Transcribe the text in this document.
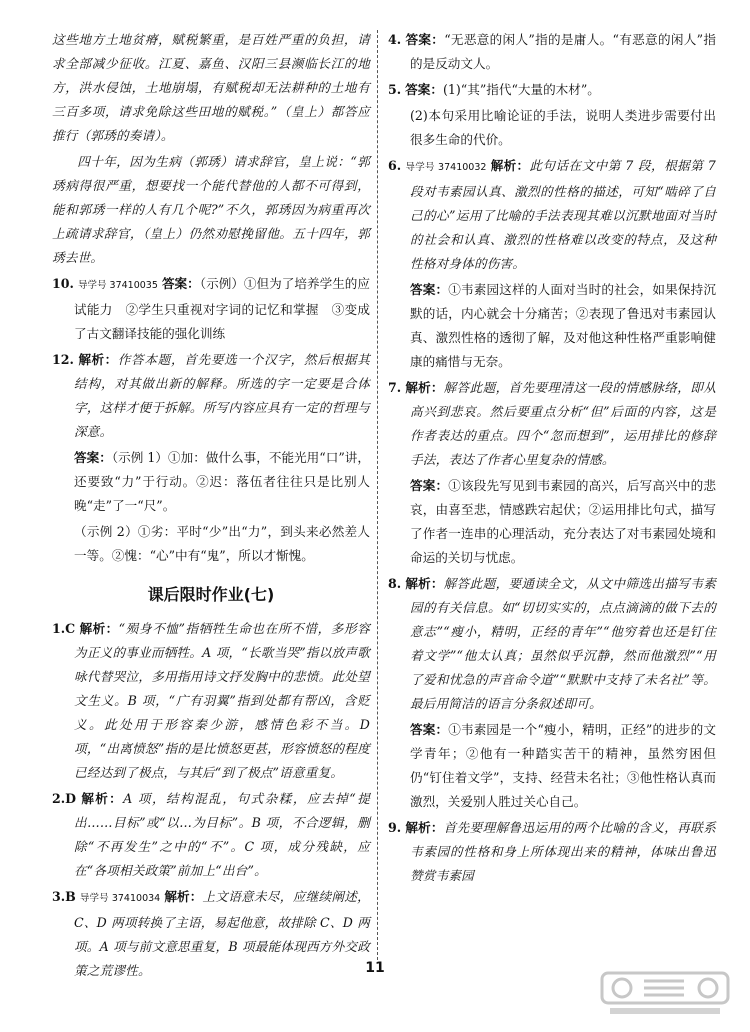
这些地方土地贫瘠，赋税繁重，是百姓严重的负担，请求全部减少征收。江夏、嘉鱼、汉阳三县濒临长江的地方，洪水侵蚀，土地崩塌，有赋税却无法耕种的土地有三百多项，请求免除这些田地的赋税。”（皇上）都答应推行（郭琇的奏请）。

四十年，因为生病（郭琇）请求辞官，皇上说：“郭琇病得很严重，想要找一个能代替他的人都不可得到，能和郭琇一样的人有几个呢?”不久，郭琇因为病重再次上疏请求辞官，（皇上）仍然劝慰挽留他。五十四年，郭琇去世。

10. 导学号 37410035 答案：（示例）①但为了培养学生的应试能力　②学生只重视对字词的记忆和掌握　③变成了古文翻译技能的强化训练
12. 解析：作答本题，首先要选一个汉字，然后根据其结构，对其做出新的解释。所选的字一定要是合体字，这样才便于拆解。所写内容应具有一定的哲理与深意。
答案：（示例 1）①加：做什么事，不能光用“口”讲，还要致“力”于行动。②迟：落伍者往往只是比别人晚“走”了一“尺”。
（示例 2）①劣：平时“少”出“力”，到头来必然差人一等。②愧：“心”中有“鬼”，所以才惭愧。
课后限时作业(七)
1.C 解析：“殒身不恤”指牺牲生命也在所不惜，多形容为正义的事业而牺牲。A 项，“长歌当哭”指以放声歌咏代替哭泣，多用指用诗文抒发胸中的悲愤。此处望文生义。B 项，“广有羽翼”指到处都有帮凶，含贬义。此处用于形容秦少游，感情色彩不当。D 项，“出离愤怒”指的是比愤怒更甚，形容愤怒的程度已经达到了极点，与其后“到了极点”语意重复。
2.D 解析：A 项，结构混乱，句式杂糅，应去掉“提出……目标”或“以…为目标”。B 项，不合逻辑，删除“不再发生”之中的“不”。C 项，成分残缺，应在“各项相关政策”前加上“出台”。
3.B 导学号 37410034 解析：上文语意未尽，应继续阐述，C、D 两项转换了主语，易起他意，故排除 C、D 两项。A 项与前文意思重复，B 项最能体现西方外交政策之荒谬性。
4. 答案：“无恶意的闲人”指的是庸人。“有恶意的闲人”指的是反动文人。
5. 答案：(1)“其”指代“大量的木材”。
(2)本句采用比喻论证的手法，说明人类进步需要付出很多生命的代价。
6. 导学号 37410032 解析：此句话在文中第 7 段，根据第 7 段对韦素园认真、激烈的性格的描述，可知“啮碎了自己的心”运用了比喻的手法表现其难以沉默地面对当时的社会和认真、激烈的性格难以改变的特点，及这种性格对身体的伤害。
答案：①韦素园这样的人面对当时的社会，如果保持沉默的话，内心就会十分痛苦；②表现了鲁迅对韦素园认真、激烈性格的透彻了解，及对他这种性格严重影响健康的痛惜与无奈。
7. 解析：解答此题，首先要理清这一段的情感脉络，即从高兴到悲哀。然后要重点分析“但”后面的内容，这是作者表达的重点。四个“忽而想到”，运用排比的修辞手法，表达了作者心里复杂的情感。
答案：①该段先写见到韦素园的高兴，后写高兴中的悲哀，由喜至悲，情感跌宕起伏；②运用排比句式，描写了作者一连串的心理活动，充分表达了对韦素园处境和命运的关切与忧虑。
8. 解析：解答此题，要通读全文，从文中筛选出描写韦素园的有关信息。如“切切实实的，点点滴滴的做下去的意志”“瘦小，精明，正经的青年”“他穷着也还是钉住着文学”“他太认真；虽然似乎沉静，然而他激烈”“用了爱和忧急的声音命令道”“默默中支持了未名社”等。最后用简洁的语言分条叙述即可。
答案：①韦素园是一个“瘦小，精明，正经”的进步的文学青年；②他有一种踏实苦干的精神，虽然穷困但仍“钉住着文学”，支持、经营未名社；③他性格认真而激烈，关爱别人胜过关心自己。
9. 解析：首先要理解鲁迅运用的两个比喻的含义，再联系韦素园的性格和身上所体现出来的精神，体味出鲁迅赞赏韦素园
11
